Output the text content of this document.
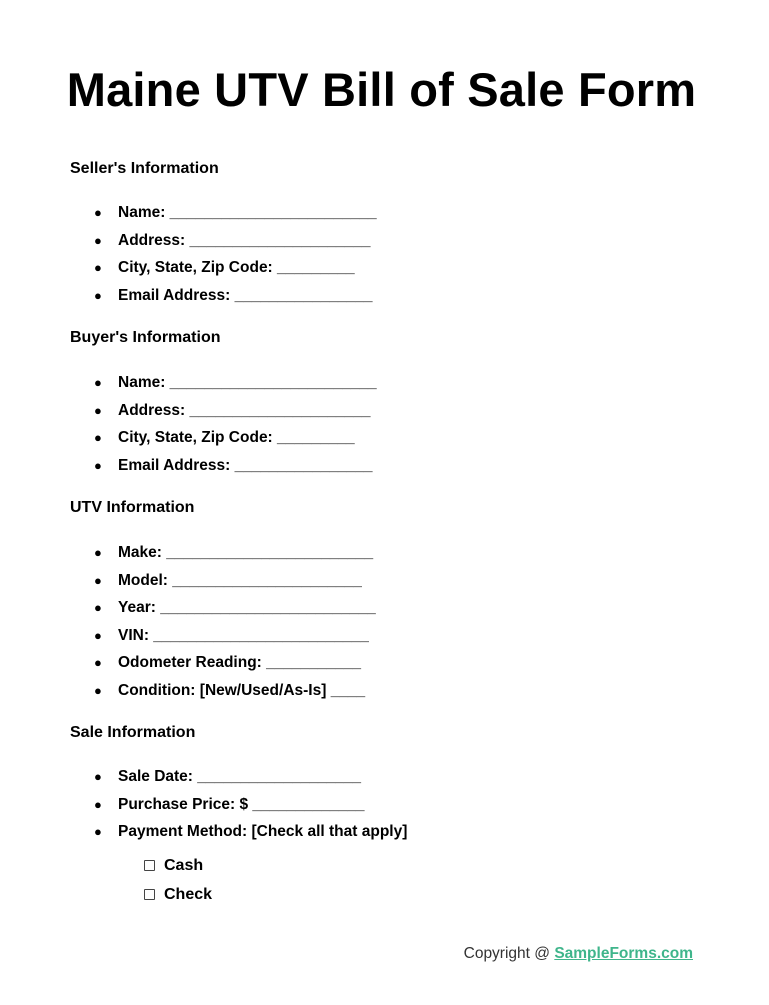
Maine UTV Bill of Sale Form
Seller's Information
● Name: ________________________
● Address: _____________________
● City, State, Zip Code: _________
● Email Address: ________________
Buyer's Information
● Name: ________________________
● Address: _____________________
● City, State, Zip Code: _________
● Email Address: ________________
UTV Information
● Make: ________________________
● Model: ______________________
● Year: _________________________
● VIN: _________________________
● Odometer Reading: ___________
● Condition: [New/Used/As-Is] ____
Sale Information
● Sale Date: ___________________
● Purchase Price: $ _____________
● Payment Method: [Check all that apply]
Cash
Check
Copyright @ SampleForms.com
